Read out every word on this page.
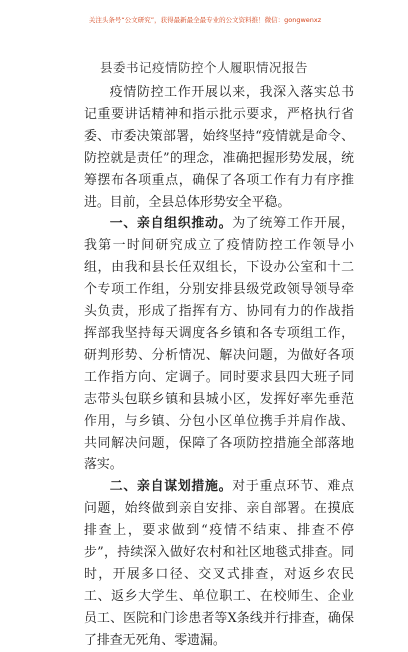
关注头条号“公文研究”，获得最新最全最专业的公文资料推！微信：gongwenxz
县委书记疫情防控个人履职情况报告

疫情防控工作开展以来，我深入落实总书记重要讲话精神和指示批示要求，严格执行省委、市委决策部署，始终坚持“疫情就是命令、防控就是责任”的理念，准确把握形势发展，统筹摆布各项重点，确保了各项工作有力有序推进。目前，全县总体形势安全平稳。

一、亲自组织推动。为了统筹工作开展，我第一时间研究成立了疫情防控工作领导小组，由我和县长任双组长，下设办公室和十二个专项工作组，分别安排县级党政领导领导牵头负责，形成了指挥有方、协同有力的作战指挥部我坚持每天调度各乡镇和各专项组工作，研判形势、分析情况、解决问题，为做好各项工作指方向、定调子。同时要求县四大班子同志带头包联乡镇和县城小区，发挥好率先垂范作用，与乡镇、分包小区单位携手并肩作战、共同解决问题，保障了各项防控措施全部落地落实。

二、亲自谋划措施。对于重点环节、难点问题，始终做到亲自安排、亲自部署。在摸底排查上，要求做到“疫情不结束、排查不停步”，持续深入做好农村和社区地毯式排查。同时，开展多口径、交叉式排查，对返乡农民工、返乡大学生、单位职工、在校师生、企业员工、医院和门诊患者等X条线并行排查，确保了排查无死角、零遗漏。
